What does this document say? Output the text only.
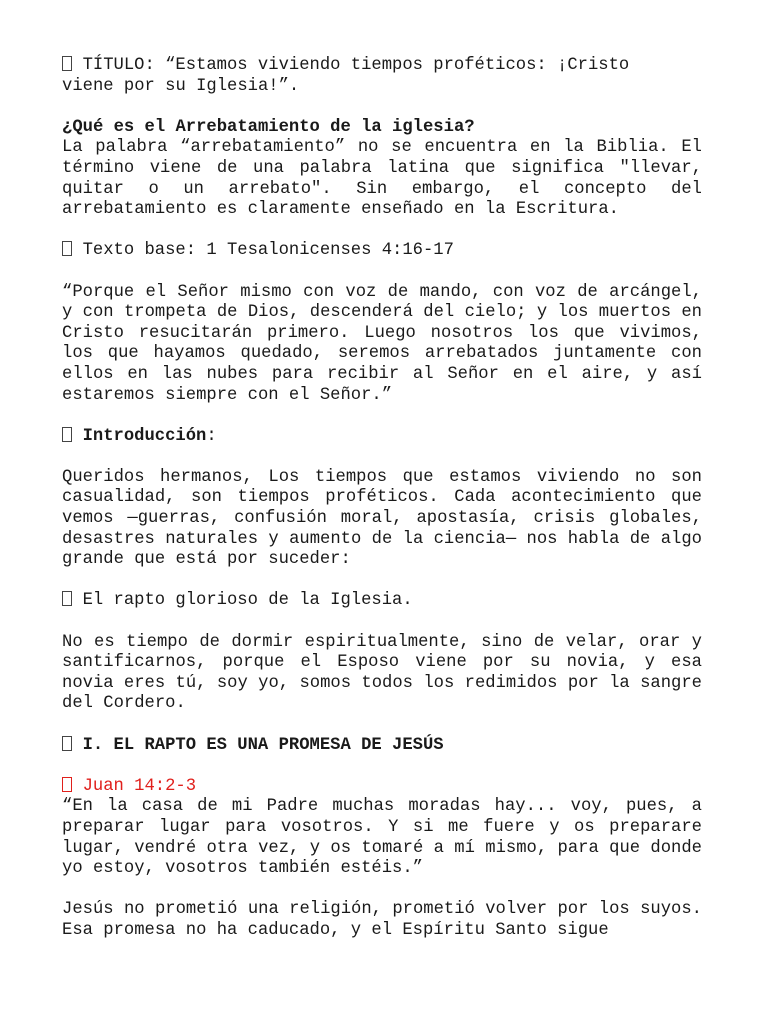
TÍTULO: “Estamos viviendo tiempos proféticos: ¡Cristo
viene por su Iglesia!”.

¿Qué es el Arrebatamiento de la iglesia?
La palabra “arrebatamiento” no se encuentra en la Biblia. El término viene de una palabra latina que significa "llevar, quitar o un arrebato". Sin embargo, el concepto del arrebatamiento es claramente enseñado en la Escritura.

Texto base: 1 Tesalonicenses 4:16-17

“Porque el Señor mismo con voz de mando, con voz de arcángel, y con trompeta de Dios, descenderá del cielo; y los muertos en Cristo resucitarán primero. Luego nosotros los que vivimos, los que hayamos quedado, seremos arrebatados juntamente con ellos en las nubes para recibir al Señor en el aire, y así estaremos siempre con el Señor.”

Introducción:

Queridos hermanos, Los tiempos que estamos viviendo no son casualidad, son tiempos proféticos. Cada acontecimiento que vemos —guerras, confusión moral, apostasía, crisis globales, desastres naturales y aumento de la ciencia— nos habla de algo grande que está por suceder:

El rapto glorioso de la Iglesia.

No es tiempo de dormir espiritualmente, sino de velar, orar y santificarnos, porque el Esposo viene por su novia, y esa novia eres tú, soy yo, somos todos los redimidos por la sangre del Cordero.

I. EL RAPTO ES UNA PROMESA DE JESÚS

Juan 14:2-3
“En la casa de mi Padre muchas moradas hay... voy, pues, a preparar lugar para vosotros. Y si me fuere y os preparare lugar, vendré otra vez, y os tomaré a mí mismo, para que donde yo estoy, vosotros también estéis.”

Jesús no prometió una religión, prometió volver por los suyos. Esa promesa no ha caducado, y el Espíritu Santo sigue
